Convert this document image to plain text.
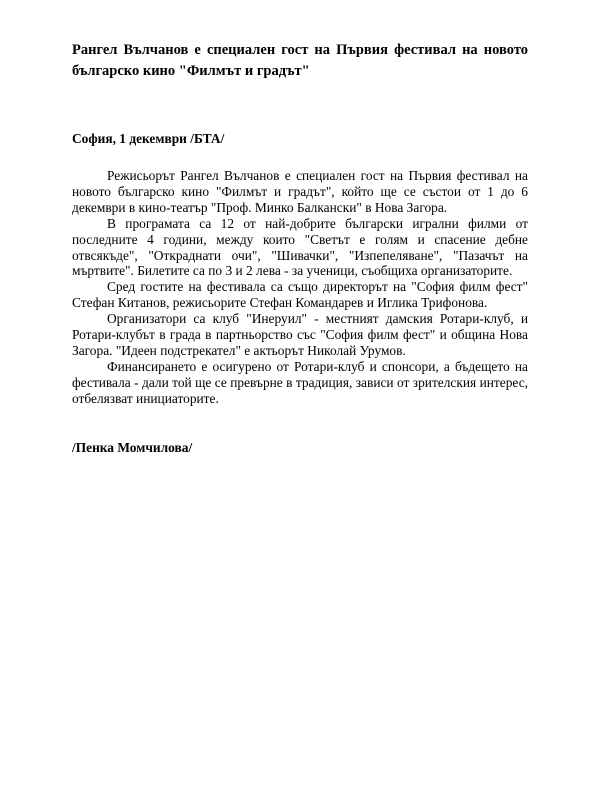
Рангел Вълчанов е специален гост на Първия фестивал на новото българско кино "Филмът и градът"

София, 1 декември /БТА/

Режисьорът Рангел Вълчанов е специален гост на Първия фестивал на новото българско кино "Филмът и градът", който ще се състои от 1 до 6 декември в кино-театър "Проф. Минко Балкански" в Нова Загора.

В програмата са 12 от най-добрите български игрални филми от последните 4 години, между които "Светът е голям и спасение дебне отвсякъде", "Откраднати очи", "Шивачки", "Изпепеляване", "Пазачът на мъртвите". Билетите са по 3 и 2 лева - за ученици, съобщиха организаторите.

Сред гостите на фестивала са също директорът на "София филм фест" Стефан Китанов, режисьорите Стефан Командарев и Иглика Трифонова.

Организатори са клуб "Инеруил" - местният дамския Ротари-клуб, и Ротари-клубът в града в партньорство със "София филм фест" и община Нова Загора. "Идеен подстрекател" е актьорът Николай Урумов.

Финансирането е осигурено от Ротари-клуб и спонсори, а бъдещето на фестивала - дали той ще се превърне в традиция, зависи от зрителския интерес, отбелязват инициаторите.

/Пенка Момчилова/
